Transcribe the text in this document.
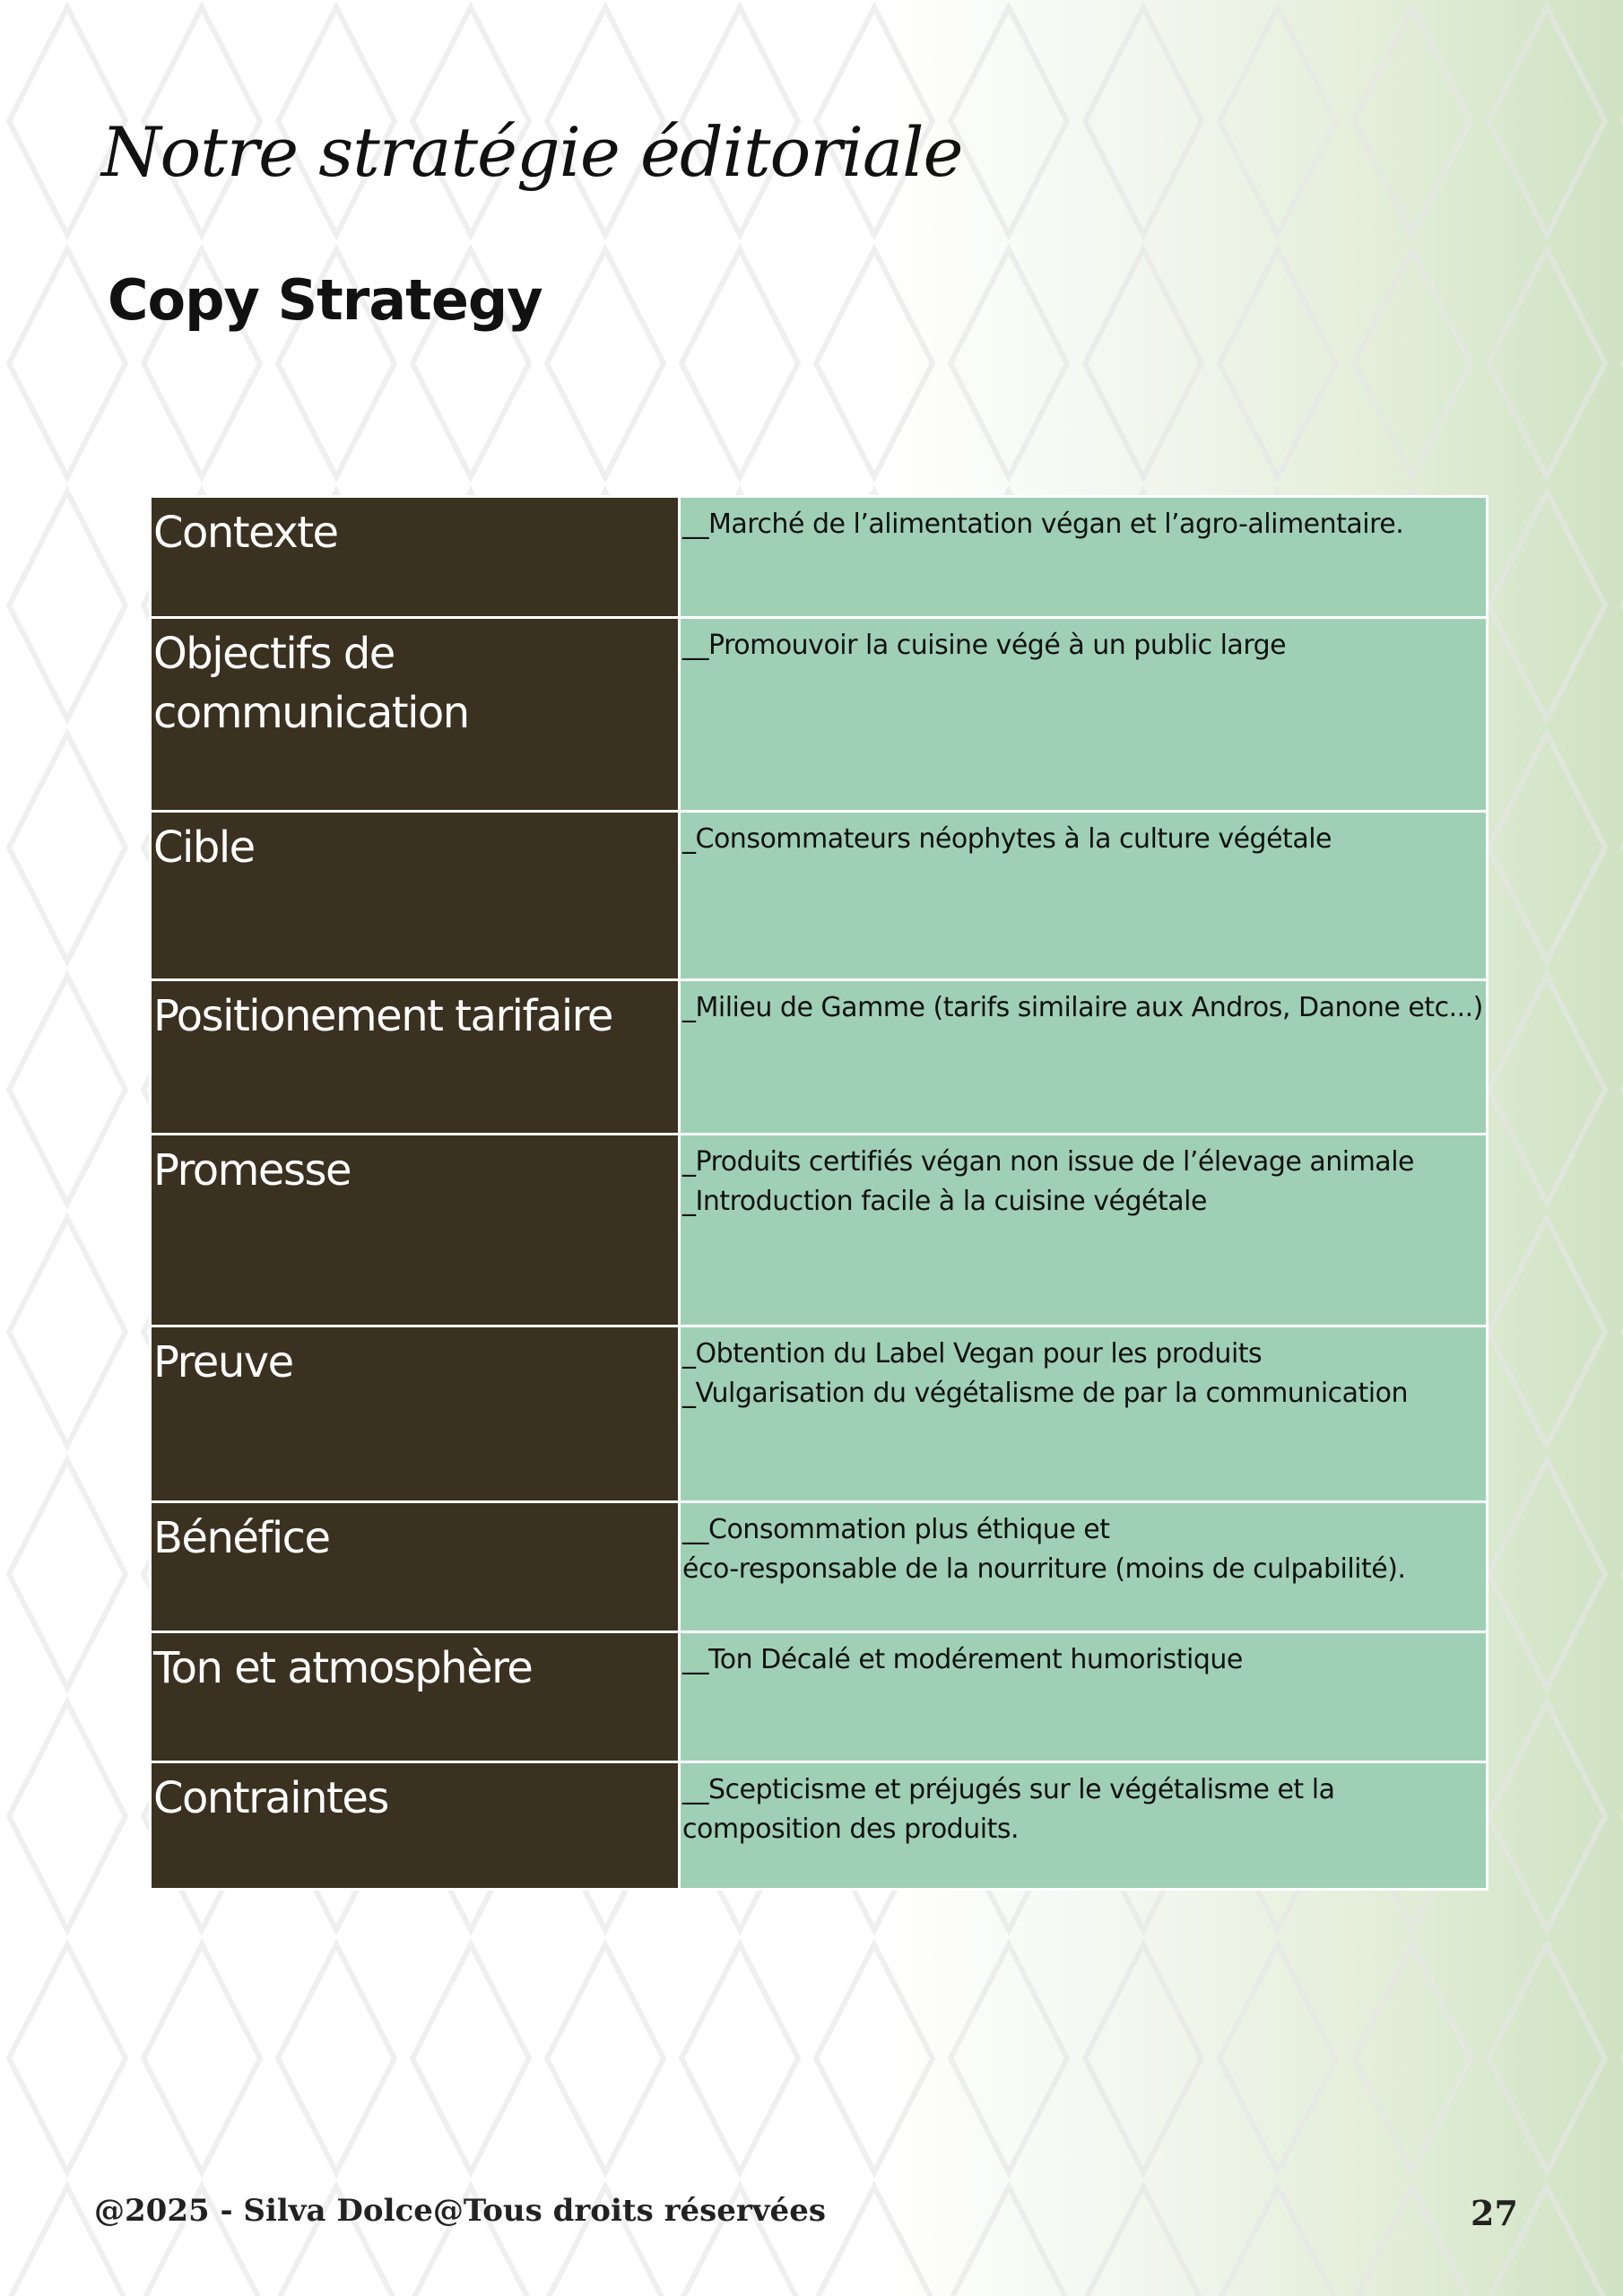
Notre stratégie éditoriale
Copy Strategy
Contexte	__Marché de l’alimentation végan et l’agro-alimentaire.

Objectifs de communication	__Promouvoir la cuisine végé à un public large

Cible	_Consommateurs néophytes à la culture végétale

Positionement tarifaire	_Milieu de Gamme (tarifs similaire aux Andros, Danone etc...)

Promesse	_Produits certifiés végan non issue de l’élevage animale
_Introduction facile à la cuisine végétale

Preuve	_Obtention du Label Vegan pour les produits
_Vulgarisation du végétalisme de par la communication

Bénéfice	__Consommation plus éthique et
éco-responsable de la nourriture (moins de culpabilité).

Ton et atmosphère	__Ton Décalé et modérement humoristique

Contraintes	__Scepticisme et préjugés sur le végétalisme et la composition des produits.
@2025 - Silva Dolce@Tous droits réservées	27
